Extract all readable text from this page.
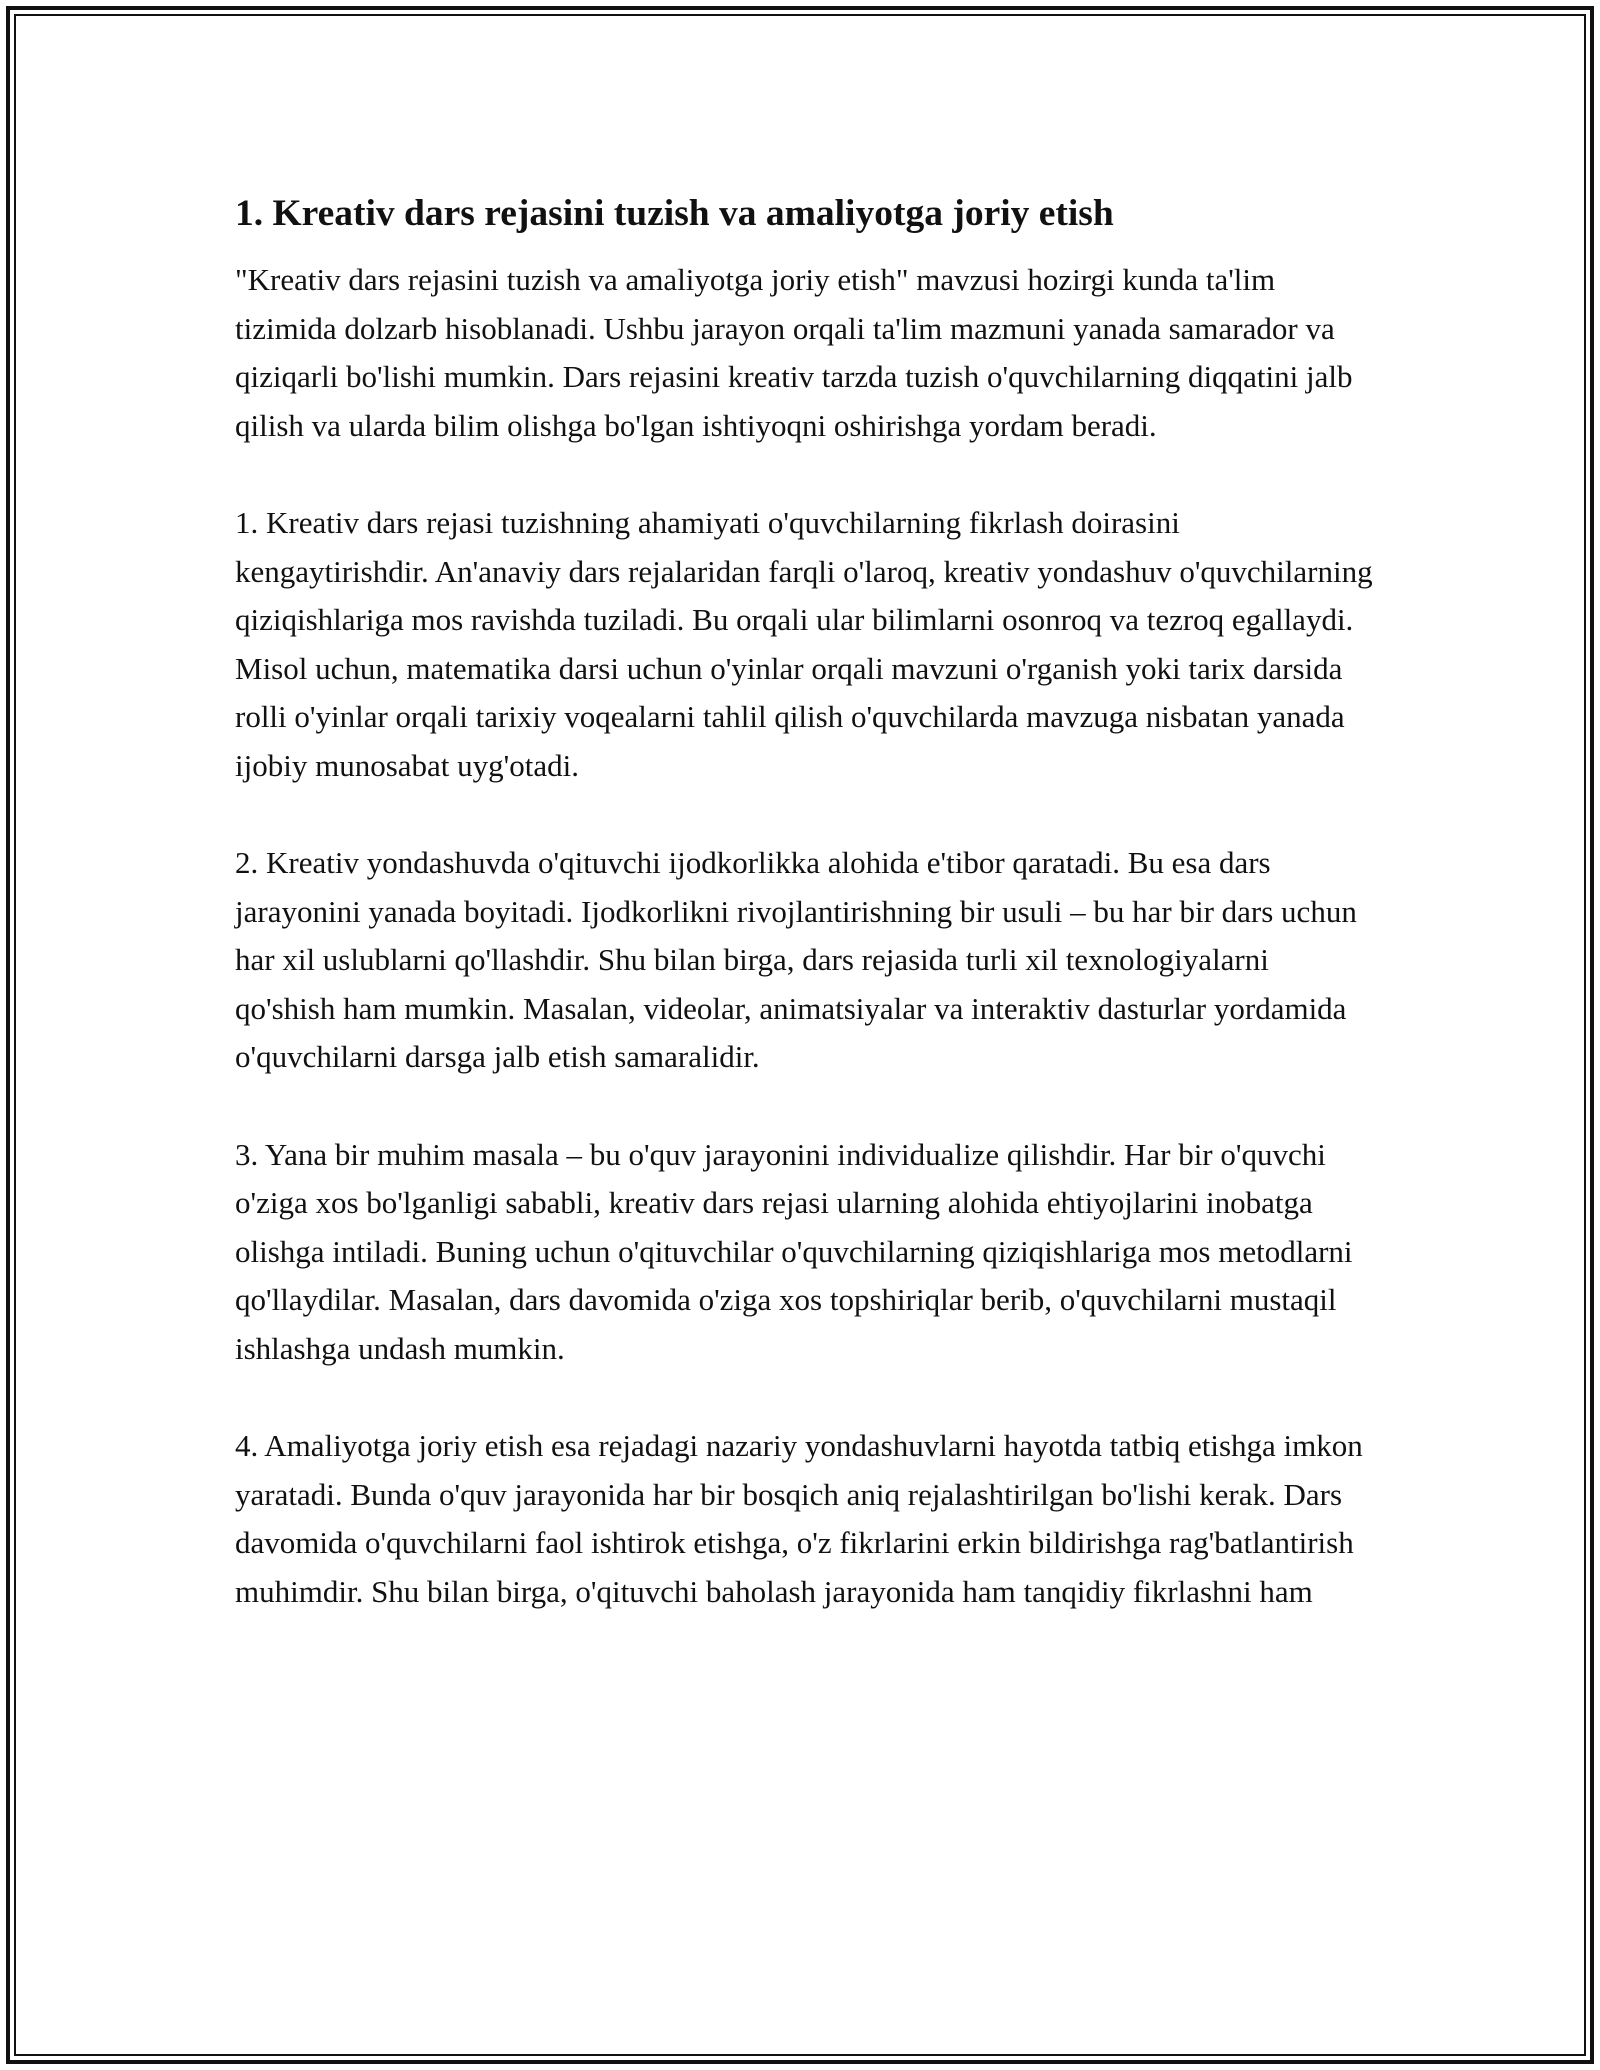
1. Kreativ dars rejasini tuzish va amaliyotga joriy etish

"Kreativ dars rejasini tuzish va amaliyotga joriy etish" mavzusi hozirgi kunda ta'lim tizimida dolzarb hisoblanadi. Ushbu jarayon orqali ta'lim mazmuni yanada samarador va qiziqarli bo'lishi mumkin. Dars rejasini kreativ tarzda tuzish o'quvchilarning diqqatini jalb qilish va ularda bilim olishga bo'lgan ishtiyoqni oshirishga yordam beradi.

1. Kreativ dars rejasi tuzishning ahamiyati o'quvchilarning fikrlash doirasini kengaytirishdir. An'anaviy dars rejalaridan farqli o'laroq, kreativ yondashuv o'quvchilarning qiziqishlariga mos ravishda tuziladi. Bu orqali ular bilimlarni osonroq va tezroq egallaydi. Misol uchun, matematika darsi uchun o'yinlar orqali mavzuni o'rganish yoki tarix darsida rolli o'yinlar orqali tarixiy voqealarni tahlil qilish o'quvchilarda mavzuga nisbatan yanada ijobiy munosabat uyg'otadi.

2. Kreativ yondashuvda o'qituvchi ijodkorlikka alohida e'tibor qaratadi. Bu esa dars jarayonini yanada boyitadi. Ijodkorlikni rivojlantirishning bir usuli – bu har bir dars uchun har xil uslublarni qo'llashdir. Shu bilan birga, dars rejasida turli xil texnologiyalarni qo'shish ham mumkin. Masalan, videolar, animatsiyalar va interaktiv dasturlar yordamida o'quvchilarni darsga jalb etish samaralidir.

3. Yana bir muhim masala – bu o'quv jarayonini individualize qilishdir. Har bir o'quvchi o'ziga xos bo'lganligi sababli, kreativ dars rejasi ularning alohida ehtiyojlarini inobatga olishga intiladi. Buning uchun o'qituvchilar o'quvchilarning qiziqishlariga mos metodlarni qo'llaydilar. Masalan, dars davomida o'ziga xos topshiriqlar berib, o'quvchilarni mustaqil ishlashga undash mumkin.

4. Amaliyotga joriy etish esa rejadagi nazariy yondashuvlarni hayotda tatbiq etishga imkon yaratadi. Bunda o'quv jarayonida har bir bosqich aniq rejalashtirilgan bo'lishi kerak. Dars davomida o'quvchilarni faol ishtirok etishga, o'z fikrlarini erkin bildirishga rag'batlantirish muhimdir. Shu bilan birga, o'qituvchi baholash jarayonida ham tanqidiy fikrlashni ham
